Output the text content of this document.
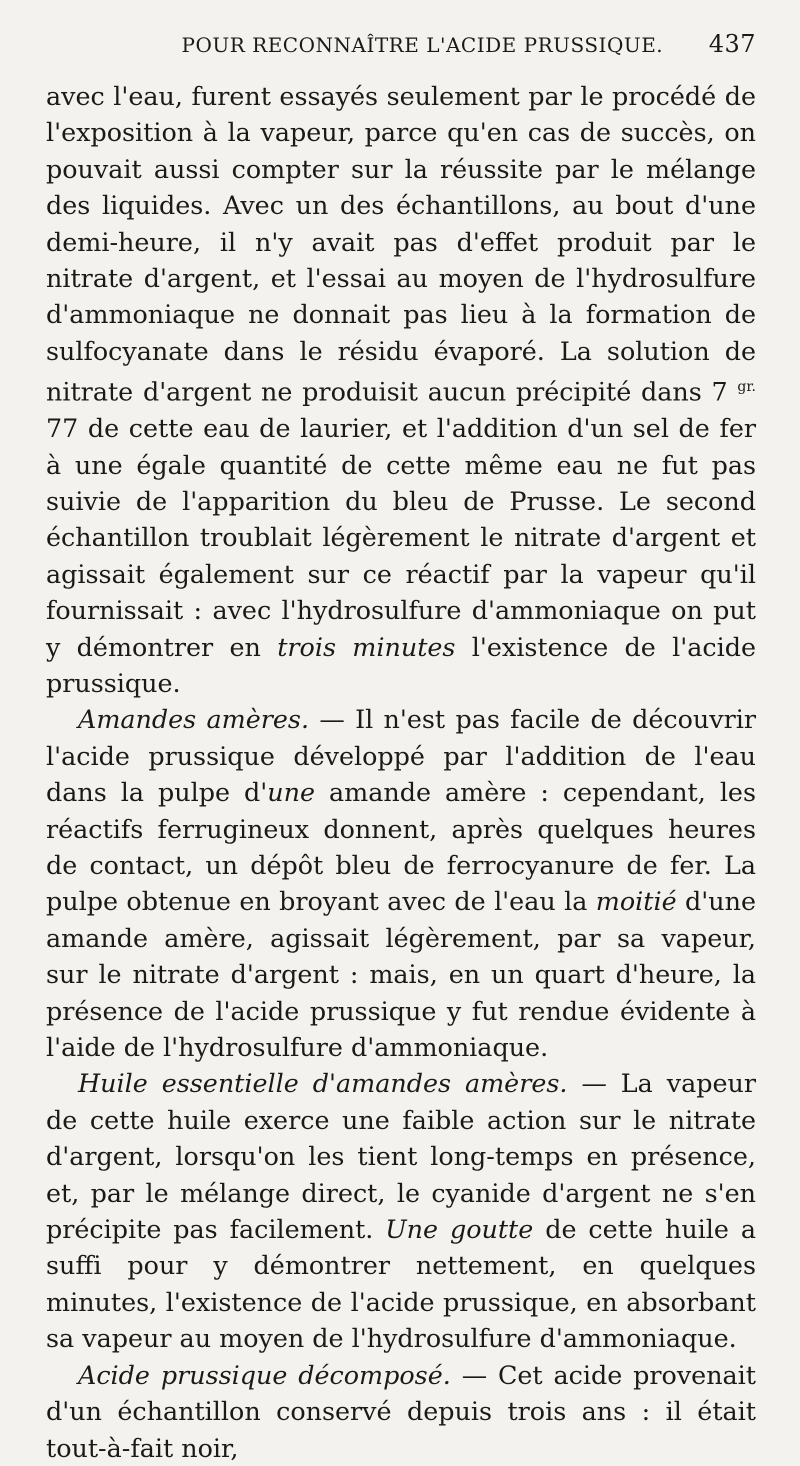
POUR RECONNAÎTRE L'ACIDE PRUSSIQUE.	437

avec l'eau, furent essayés seulement par le procédé de l'exposition à la vapeur, parce qu'en cas de succès, on pouvait aussi compter sur la réussite par le mélange des liquides. Avec un des échantillons, au bout d'une demi-heure, il n'y avait pas d'effet produit par le nitrate d'argent, et l'essai au moyen de l'hydrosulfure d'ammoniaque ne donnait pas lieu à la formation de sulfocyanate dans le résidu évaporé. La solution de nitrate d'argent ne produisit aucun précipité dans 7 $^{gr.}$ 77 de cette eau de laurier, et l'addition d'un sel de fer à une égale quantité de cette même eau ne fut pas suivie de l'apparition du bleu de Prusse. Le second échantillon troublait légèrement le nitrate d'argent et agissait également sur ce réactif par la vapeur qu'il fournissait : avec l'hydrosulfure d'ammoniaque on put y démontrer en trois minutes l'existence de l'acide prussique.

Amandes amères. — Il n'est pas facile de découvrir l'acide prussique développé par l'addition de l'eau dans la pulpe d'une amande amère : cependant, les réactifs ferrugineux donnent, après quelques heures de contact, un dépôt bleu de ferrocyanure de fer. La pulpe obtenue en broyant avec de l'eau la moitié d'une amande amère, agissait légèrement, par sa vapeur, sur le nitrate d'argent : mais, en un quart d'heure, la présence de l'acide prussique y fut rendue évidente à l'aide de l'hydrosulfure d'ammoniaque.

Huile essentielle d'amandes amères. — La vapeur de cette huile exerce une faible action sur le nitrate d'argent, lorsqu'on les tient long-temps en présence, et, par le mélange direct, le cyanide d'argent ne s'en précipite pas facilement. Une goutte de cette huile a suffi pour y démontrer nettement, en quelques minutes, l'existence de l'acide prussique, en absorbant sa vapeur au moyen de l'hydrosulfure d'ammoniaque.

Acide prussique décomposé. — Cet acide provenait d'un échantillon conservé depuis trois ans : il était tout-à-fait noir,
